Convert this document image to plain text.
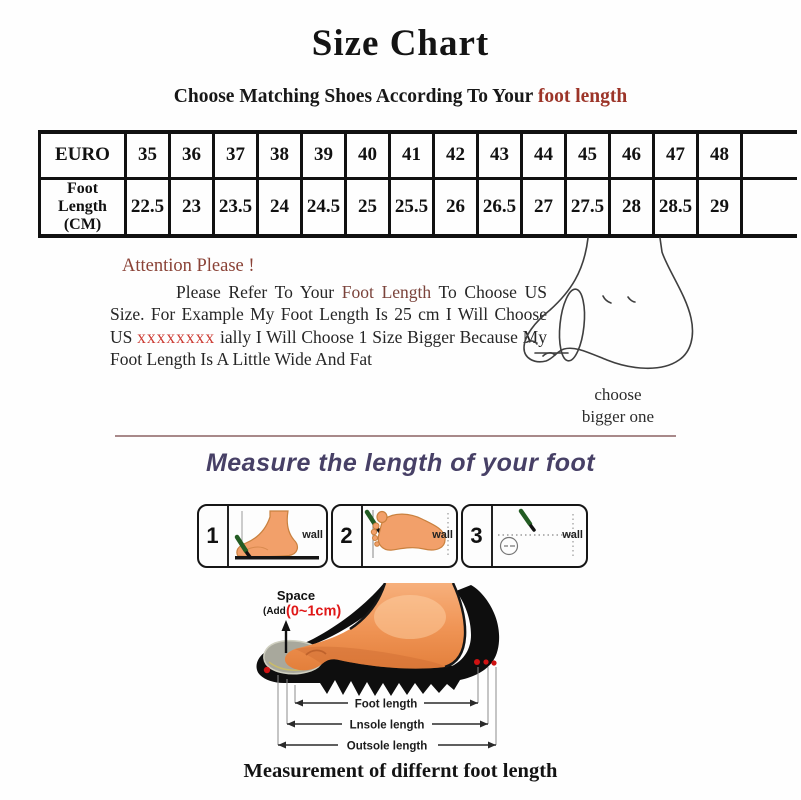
Size Chart
Choose Matching Shoes According To Your foot length
EURO	35	36	37	38	39	40	41	42	43	44	45	46	47	48	

Foot
Length
(CM)	22.5	23	23.5	24	24.5	25	25.5	26	26.5	27	27.5	28	28.5	29	
Attention Please !

Please Refer To Your Foot Length To Choose US Size. For Example My Foot Length Is 25 cm I Will Choose US xxxxxxxx ially I Will Choose 1 Size Bigger Because My Foot Length Is A Little Wide And Fat

choose
bigger one
Measure the length of your foot
1	wall 2	wall 3	wall
Space
(Add (0~1cm)
Foot length
Lnsole length
Outsole length
Measurement of differnt foot length
